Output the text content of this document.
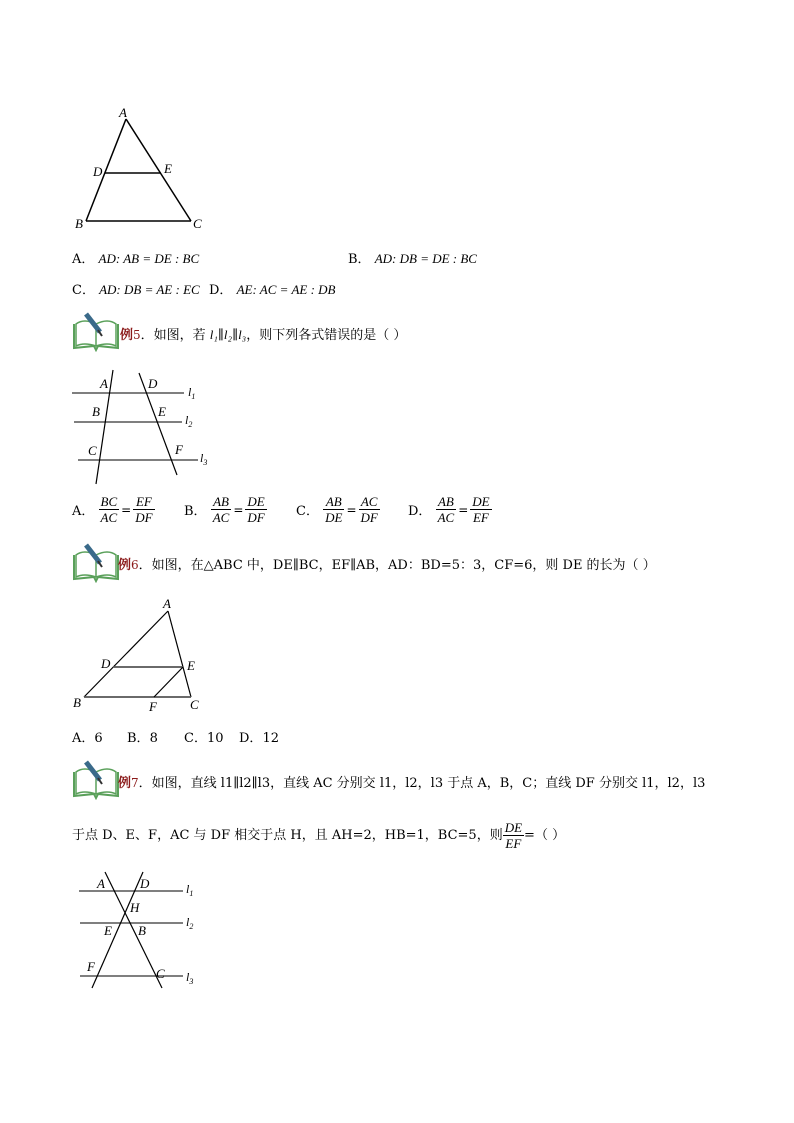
A
D	E
B	C
A． AD: AB = DE : BC	B． AD: DB = DE : BC
C． AD: DB = AE : EC D． AE: AC = AE : DB
例5．如图，若 l₁∥l₂∥l₃，则下列各式错误的是（ ）
A
B
C
D
E
F
$l_1$
$l_2$
$l_3$
A． $\frac{BC}{AC} = \frac{EF}{DF}$ B． $\frac{AB}{AC} = \frac{DE}{DF}$ C． $\frac{AB}{DE} = \frac{AC}{DF}$ D． $\frac{AB}{AC} = \frac{DE}{EF}$
例6．如图，在△ABC 中，DE∥BC，EF∥AB，AD：BD=5：3，CF=6，则 DE 的长为（ ）
A
D	E
B	F	C
A．6 B．8 C．10 D．12
例7．如图，直线 l1∥l2∥l3，直线 AC 分别交 l1，l2，l3 于点 A，B，C；直线 DF 分别交 l1，l2，l3
于点 D、E、F，AC 与 DF 相交于点 H，且 AH=2，HB=1，BC=5，则 $\frac{DE}{EF}$ =（ ）
A	D
H
E B
F	C
$l_1$
$l_2$
$l_3$
